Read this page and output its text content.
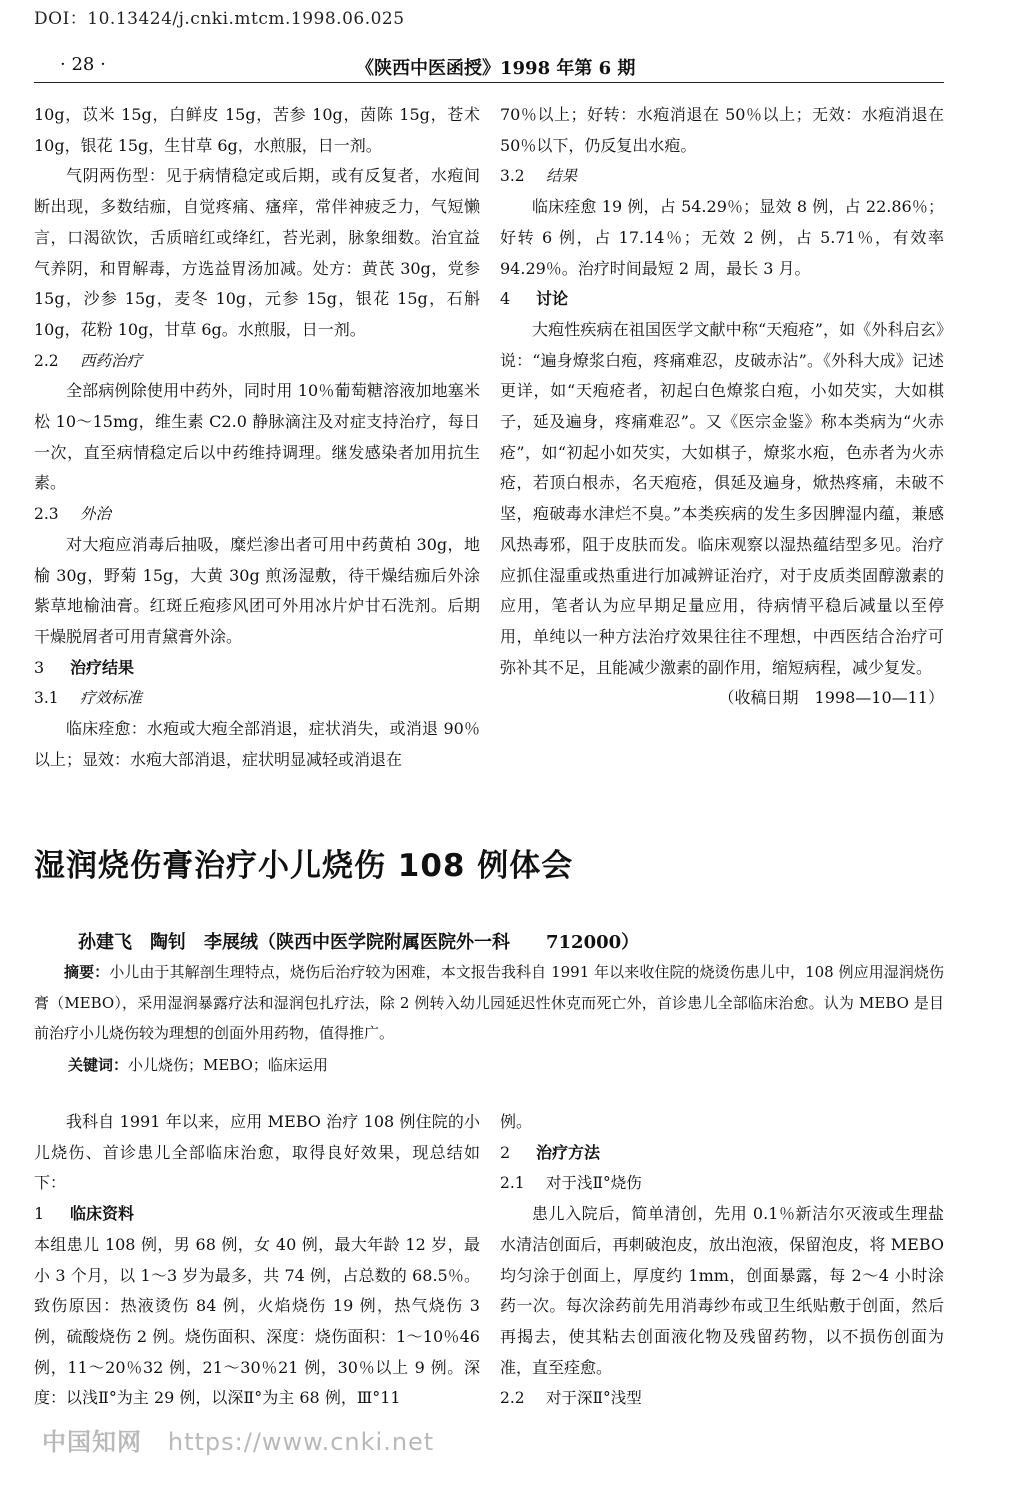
DOI：10.13424/j.cnki.mtcm.1998.06.025
· 28 ·	《陕西中医函授》1998 年第 6 期

10g，苡米 15g，白鲜皮 15g，苦参 10g，茵陈 15g，苍术 10g，银花 15g，生甘草 6g，水煎服，日一剂。

气阴两伤型：见于病情稳定或后期，或有反复者，水疱间断出现，多数结痂，自觉疼痛、瘙痒，常伴神疲乏力，气短懒言，口渴欲饮，舌质暗红或绛红，苔光剥，脉象细数。治宜益气养阴，和胃解毒，方选益胃汤加减。处方：黄芪 30g，党参 15g，沙参 15g，麦冬 10g，元参 15g，银花 15g，石斛 10g，花粉 10g，甘草 6g。水煎服，日一剂。

2.2 西药治疗

全部病例除使用中药外，同时用 10％葡萄糖溶液加地塞米松 10～15mg，维生素 C2.0 静脉滴注及对症支持治疗，每日一次，直至病情稳定后以中药维持调理。继发感染者加用抗生素。

2.3 外治

对大疱应消毒后抽吸，糜烂渗出者可用中药黄柏 30g，地榆 30g，野菊 15g，大黄 30g 煎汤湿敷，待干燥结痂后外涂紫草地榆油膏。红斑丘疱疹风团可外用冰片炉甘石洗剂。后期干燥脱屑者可用青黛膏外涂。

3 治疗结果

3.1 疗效标准

临床痊愈：水疱或大疱全部消退，症状消失，或消退 90％以上；显效：水疱大部消退，症状明显减轻或消退在

70％以上；好转：水疱消退在 50％以上；无效：水疱消退在 50％以下，仍反复出水疱。

3.2 结果

临床痊愈 19 例，占 54.29％；显效 8 例，占 22.86％；好转 6 例，占 17.14％；无效 2 例，占 5.71％，有效率 94.29％。治疗时间最短 2 周，最长 3 月。

4 讨论

大疱性疾病在祖国医学文献中称“天疱疮”，如《外科启玄》说：“遍身燎浆白疱，疼痛难忍，皮破赤沾”。《外科大成》记述更详，如“天疱疮者，初起白色燎浆白疱，小如芡实，大如棋子，延及遍身，疼痛难忍”。又《医宗金鉴》称本类病为“火赤疮”，如“初起小如芡实，大如棋子，燎浆水疱，色赤者为火赤疮，若顶白根赤，名天疱疮，俱延及遍身，焮热疼痛，未破不坚，疱破毒水津烂不臭。”本类疾病的发生多因脾湿内蕴，兼感风热毒邪，阻于皮肤而发。临床观察以湿热蕴结型多见。治疗应抓住湿重或热重进行加减辨证治疗，对于皮质类固醇激素的应用，笔者认为应早期足量应用，待病情平稳后减量以至停用，单纯以一种方法治疗效果往往不理想，中西医结合治疗可弥补其不足，且能减少激素的副作用，缩短病程，减少复发。

（收稿日期　1998—10—11）

湿润烧伤膏治疗小儿烧伤 108 例体会
孙建飞　陶钊　李展绒（陕西中医学院附属医院外一科　　712000）
摘要：小儿由于其解剖生理特点，烧伤后治疗较为困难，本文报告我科自 1991 年以来收住院的烧烫伤患儿中，108 例应用湿润烧伤膏（MEBO），采用湿润暴露疗法和湿润包扎疗法，除 2 例转入幼儿园延迟性休克而死亡外，首诊患儿全部临床治愈。认为 MEBO 是目前治疗小儿烧伤较为理想的创面外用药物，值得推广。
关键词：小儿烧伤；MEBO；临床运用

我科自 1991 年以来，应用 MEBO 治疗 108 例住院的小儿烧伤、首诊患儿全部临床治愈，取得良好效果，现总结如下：

1 临床资料

本组患儿 108 例，男 68 例，女 40 例，最大年龄 12 岁，最小 3 个月，以 1～3 岁为最多，共 74 例，占总数的 68.5％。致伤原因：热液烫伤 84 例，火焰烧伤 19 例，热气烧伤 3 例，硫酸烧伤 2 例。烧伤面积、深度：烧伤面积：1～10％46 例，11～20％32 例，21～30％21 例，30％以上 9 例。深度：以浅Ⅱ°为主 29 例，以深Ⅱ°为主 68 例，Ⅲ°11

例。

2 治疗方法

2.1 对于浅Ⅱ°烧伤

患儿入院后，简单清创，先用 0.1％新洁尔灭液或生理盐水清洁创面后，再刺破泡皮，放出泡液，保留泡皮，将 MEBO 均匀涂于创面上，厚度约 1mm，创面暴露，每 2～4 小时涂药一次。每次涂药前先用消毒纱布或卫生纸贴敷于创面，然后再揭去，使其粘去创面液化物及残留药物，以不损伤创面为准，直至痊愈。

2.2 对于深Ⅱ°浅型

中国知网 https://www.cnki.net
